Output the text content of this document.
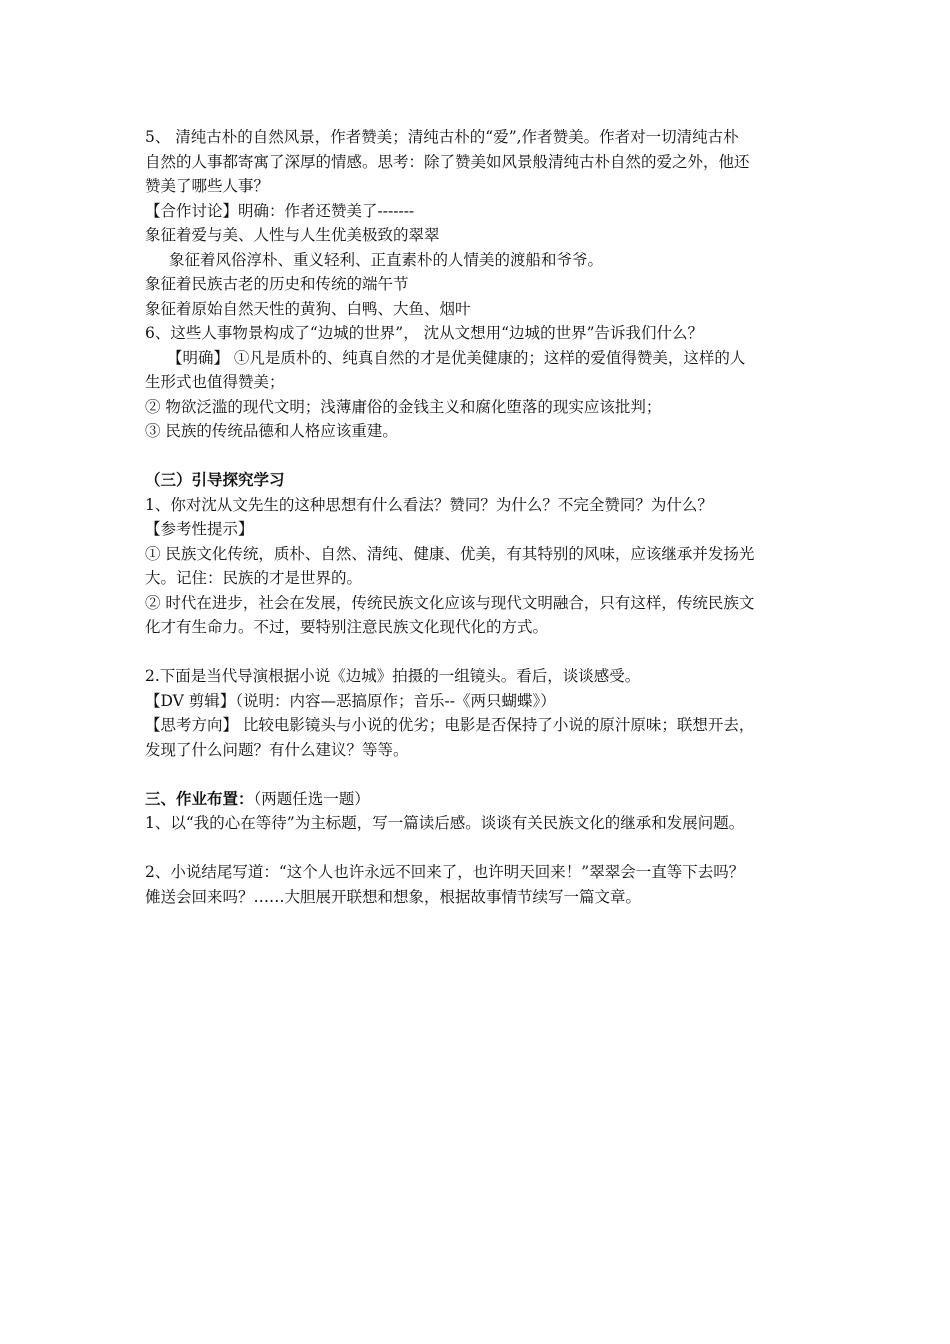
5、 清纯古朴的自然风景，作者赞美；清纯古朴的“爱”,作者赞美。作者对一切清纯古朴
自然的人事都寄寓了深厚的情感。思考：除了赞美如风景般清纯古朴自然的爱之外，他还
赞美了哪些人事？
【合作讨论】明确：作者还赞美了-------
象征着爱与美、人性与人生优美极致的翠翠
象征着风俗淳朴、重义轻利、正直素朴的人情美的渡船和爷爷。
象征着民族古老的历史和传统的端午节
象征着原始自然天性的黄狗、白鸭、大鱼、烟叶
6、这些人事物景构成了“边城的世界”， 沈从文想用“边城的世界”告诉我们什么？
【明确】 ①凡是质朴的、纯真自然的才是优美健康的；这样的爱值得赞美，这样的人
生形式也值得赞美；
② 物欲泛滥的现代文明；浅薄庸俗的金钱主义和腐化堕落的现实应该批判；
③ 民族的传统品德和人格应该重建。
（三）引导探究学习
1、你对沈从文先生的这种思想有什么看法？赞同？为什么？不完全赞同？为什么？
【参考性提示】
① 民族文化传统，质朴、自然、清纯、健康、优美，有其特别的风味，应该继承并发扬光
大。记住：民族的才是世界的。
② 时代在进步，社会在发展，传统民族文化应该与现代文明融合，只有这样，传统民族文
化才有生命力。不过，要特别注意民族文化现代化的方式。
2.下面是当代导演根据小说《边城》拍摄的一组镜头。看后，谈谈感受。
【DV 剪辑】（说明：内容—恶搞原作；音乐--《两只蝴蝶》）
【思考方向】 比较电影镜头与小说的优劣；电影是否保持了小说的原汁原味；联想开去，
发现了什么问题？有什么建议？等等。
三、作业布置：（两题任选一题）
1、以“我的心在等待”为主标题，写一篇读后感。谈谈有关民族文化的继承和发展问题。
2、小说结尾写道：“这个人也许永远不回来了，也许明天回来！”翠翠会一直等下去吗？
傩送会回来吗？……大胆展开联想和想象，根据故事情节续写一篇文章。
